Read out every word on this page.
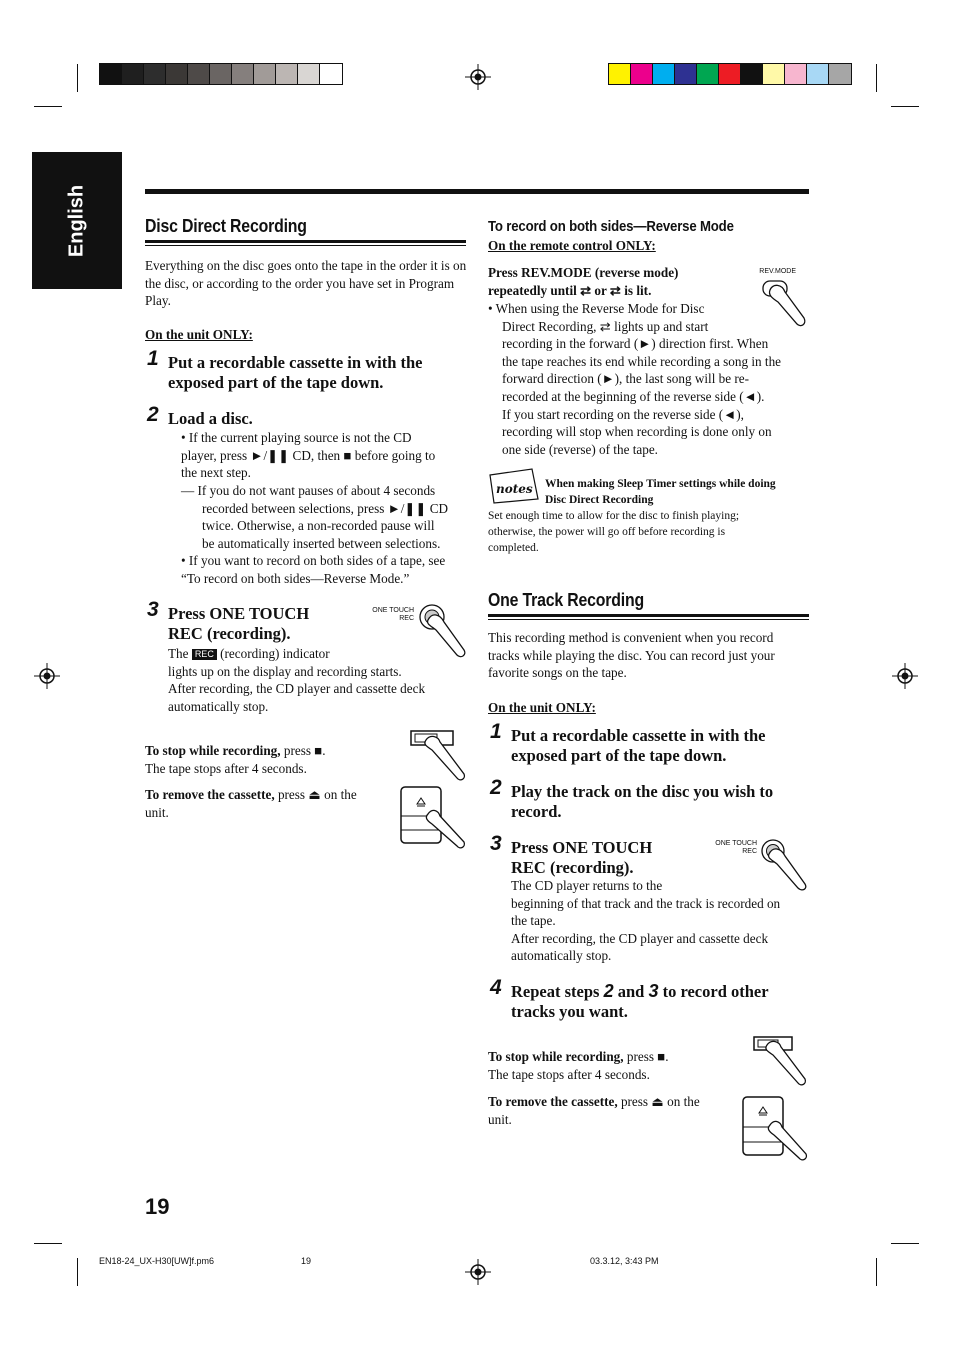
English	Disc Direct Recording
Everything on the disc goes onto the tape in the order it is on the disc, or according to the order you have set in Program Play.
On the unit ONLY:
1 Put a recordable cassette in with the
exposed part of the tape down.
2 Load a disc.
• If the current playing source is not the CD
player, press ►/❚❚ CD, then ■ before going to
the next step.
— If you do not want pauses of about 4 seconds
recorded between selections, press ►/❚❚ CD
twice. Otherwise, a non-recorded pause will
be automatically inserted between selections.
• If you want to record on both sides of a tape, see
“To record on both sides—Reverse Mode.”
3 Press ONE TOUCH
REC (recording).
ONE TOUCH
REC
The REC (recording) indicator
lights up on the display and recording starts.
After recording, the CD player and cassette deck
automatically stop.
To stop while recording, press ■.
The tape stops after 4 seconds.
To remove the cassette, press ⏏ on the
unit.
To record on both sides—Reverse Mode
On the remote control ONLY:
Press REV.MODE (reverse mode)
repeatedly until ⇄ or ⇄ is lit.
REV.MODE
• When using the Reverse Mode for Disc
Direct Recording, ⇄ lights up and start
recording in the forward (►) direction first. When
the tape reaches its end while recording a song in the
forward direction (►), the last song will be re-
recorded at the beginning of the reverse side (◄).
If you start recording on the reverse side (◄),
recording will stop when recording is done only on
one side (reverse) of the tape.
notes When making Sleep Timer settings while doing
Disc Direct Recording
Set enough time to allow for the disc to finish playing;
otherwise, the power will go off before recording is
completed.
One Track Recording
This recording method is convenient when you record
tracks while playing the disc. You can record just your
favorite songs on the tape.
On the unit ONLY:
1 Put a recordable cassette in with the
exposed part of the tape down.
2 Play the track on the disc you wish to
record.
3 Press ONE TOUCH
REC (recording).
ONE TOUCH
REC
The CD player returns to the
beginning of that track and the track is recorded on
the tape.
After recording, the CD player and cassette deck
automatically stop.
4 Repeat steps 2 and 3 to record other
tracks you want.
To stop while recording, press ■.
The tape stops after 4 seconds.
To remove the cassette, press ⏏ on the
unit.
19
EN18-24_UX-H30[UW]f.pm6	19	03.3.12, 3:43 PM
